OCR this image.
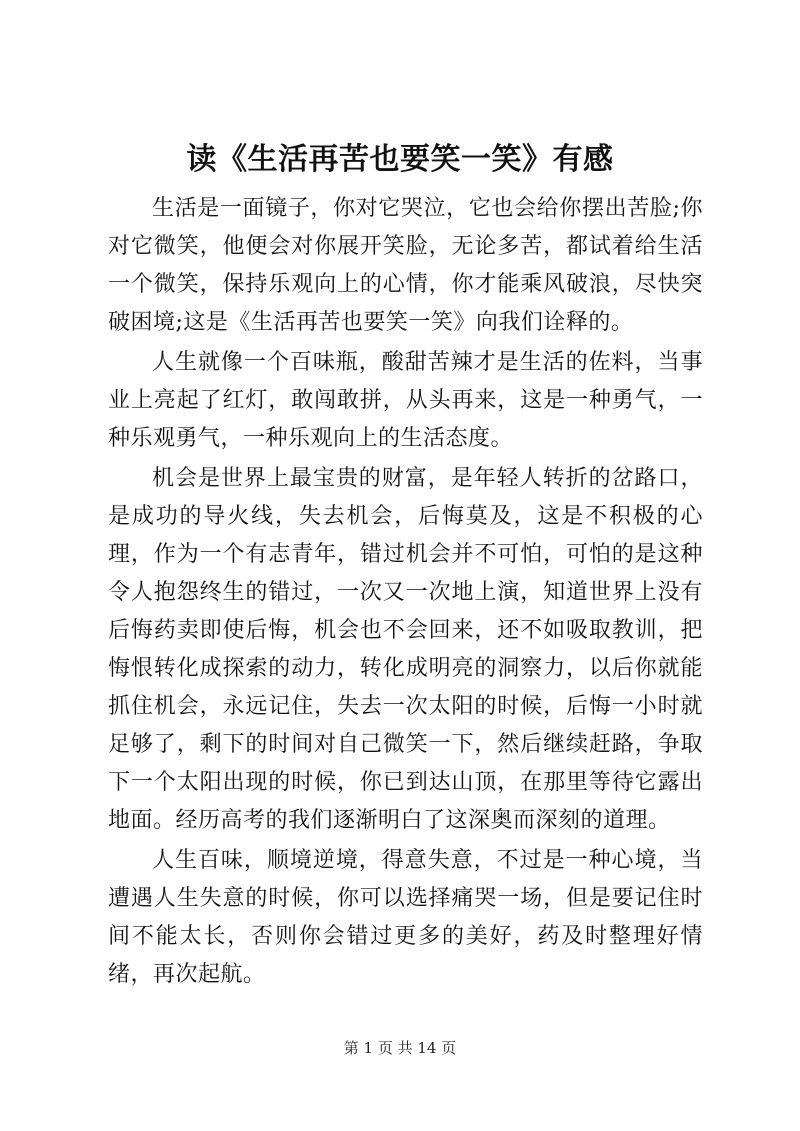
读《生活再苦也要笑一笑》有感

生活是一面镜子，你对它哭泣，它也会给你摆出苦脸;你对它微笑，他便会对你展开笑脸，无论多苦，都试着给生活一个微笑，保持乐观向上的心情，你才能乘风破浪，尽快突破困境;这是《生活再苦也要笑一笑》向我们诠释的。

人生就像一个百味瓶，酸甜苦辣才是生活的佐料，当事业上亮起了红灯，敢闯敢拼，从头再来，这是一种勇气，一种乐观勇气，一种乐观向上的生活态度。

机会是世界上最宝贵的财富，是年轻人转折的岔路口，是成功的导火线，失去机会，后悔莫及，这是不积极的心理，作为一个有志青年，错过机会并不可怕，可怕的是这种令人抱怨终生的错过，一次又一次地上演，知道世界上没有后悔药卖即使后悔，机会也不会回来，还不如吸取教训，把悔恨转化成探索的动力，转化成明亮的洞察力，以后你就能抓住机会，永远记住，失去一次太阳的时候，后悔一小时就足够了，剩下的时间对自己微笑一下，然后继续赶路，争取下一个太阳出现的时候，你已到达山顶，在那里等待它露出地面。经历高考的我们逐渐明白了这深奥而深刻的道理。

人生百味，顺境逆境，得意失意，不过是一种心境，当遭遇人生失意的时候，你可以选择痛哭一场，但是要记住时间不能太长，否则你会错过更多的美好，药及时整理好情绪，再次起航。

第 1 页 共 14 页
